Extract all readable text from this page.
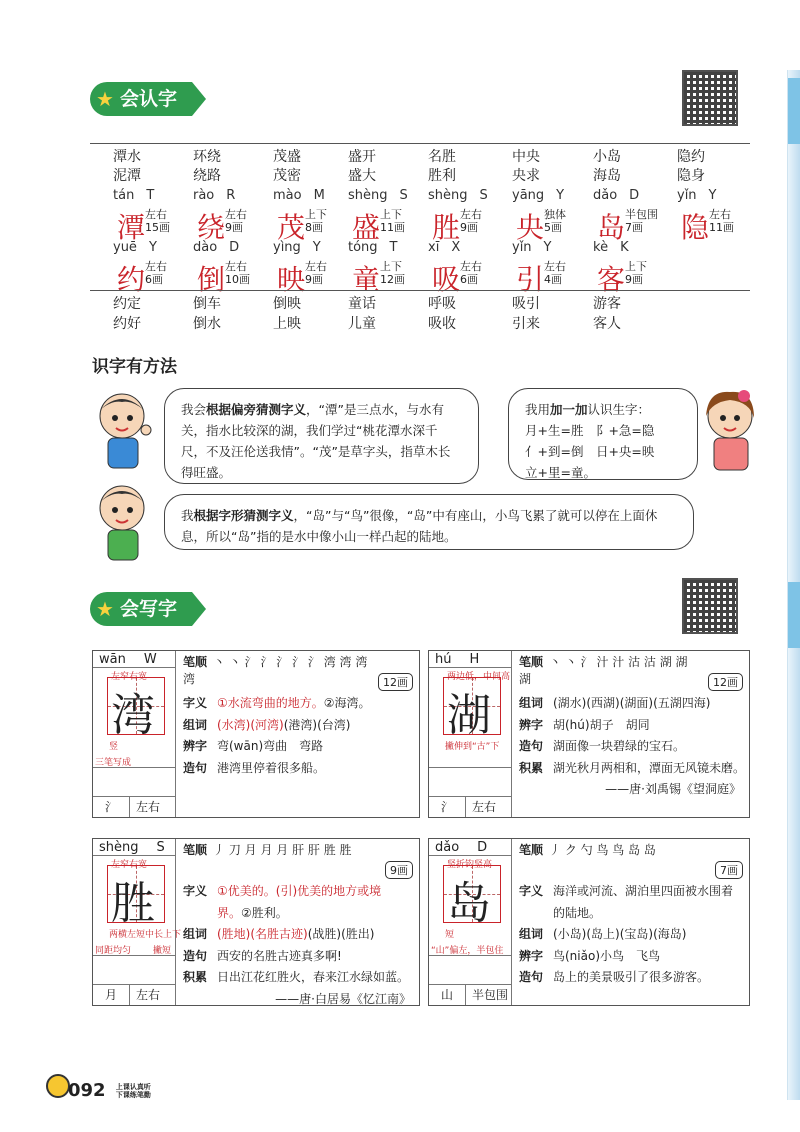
★ 会认字
潭水
泥潭
环绕
绕路
茂盛
茂密
盛开
盛大
名胜
胜利
中央
央求
小岛
海岛
隐约
隐身
tán T
潭 左右
15画
rào R
绕 左右
9画
mào M
茂 上下
8画
shèng S
盛 上下
11画
shèng S
胜 左右
9画
yāng Y
央 独体
5画
dǎo D
岛 半包围
7画
yǐn Y
隐 左右
11画
yuē Y
约 左右
6画
dào D
倒 左右
10画
yìng Y
映 左右
9画
tóng T
童 上下
12画
xī X
吸 左右
6画
yǐn Y
引 左右
4画
kè K
客 上下
9画
约定
约好
倒车
倒水
倒映
上映
童话
儿童
呼吸
吸收
吸引
引来
游客
客人
识字有方法
我会根据偏旁猜测字义，“潭”是三点水，与水有关，指水比较深的湖，我们学过“桃花潭水深千尺，不及汪伦送我情”。“茂”是草字头，指草木长得旺盛。
我用加一加认识生字：
月+生=胜　阝+急=隐
亻+到=倒　日+央=映
立+里=童。
我根据字形猜测字义，“岛”与“鸟”很像，“岛”中有座山，小鸟飞累了就可以停在上面休息，所以“岛”指的是水中像小山一样凸起的陆地。
★ 会写字
wān W
湾
左窄右宽
竖
三笔写成
氵 左右
笔顺 丶 丶 氵 氵 氵 氵 氵 湾 湾 湾 湾	12画
字义 ①水流弯曲的地方。②海湾。
组词 (水湾)(河湾)(港湾)(台湾)
辨字 弯(wān)弯曲　弯路
造句 港湾里停着很多船。
hú H
湖
两边低，中间高
撇伸到“古”下
氵 左右
笔顺 丶 丶 氵 汁 汁 沽 沽 湖 湖 湖	12画
组词 (湖水)(西湖)(湖面)(五湖四海)
辨字 胡(hú)胡子　胡同
造句 湖面像一块碧绿的宝石。
积累 湖光秋月两相和，潭面无风镜未磨。
——唐·刘禹锡《望洞庭》
shèng S
胜
左窄右宽
两横左短中长上下
同距均匀 撇短
月 左右
笔顺 丿 刀 月 月 月 肝 肝 胜 胜
9画
字义 ①优美的。(引)优美的地方或境
界。②胜利。
组词 (胜地)(名胜古迹)(战胜)(胜出)
造句 西安的名胜古迹真多啊!
积累 日出江花红胜火，春来江水绿如蓝。
——唐·白居易《忆江南》
dǎo D
岛
竖折钩竖高
短
“山”偏左，半包住
山 半包围
笔顺 丿 ク 勺 鸟 鸟 岛 岛
7画
字义 海洋或河流、湖泊里四面被水围着
的陆地。
组词 (小岛)(岛上)(宝岛)(海岛)
辨字 鸟(niǎo)小鸟　飞鸟
造句 岛上的美景吸引了很多游客。
092 上课认真听
下课练笔勤
